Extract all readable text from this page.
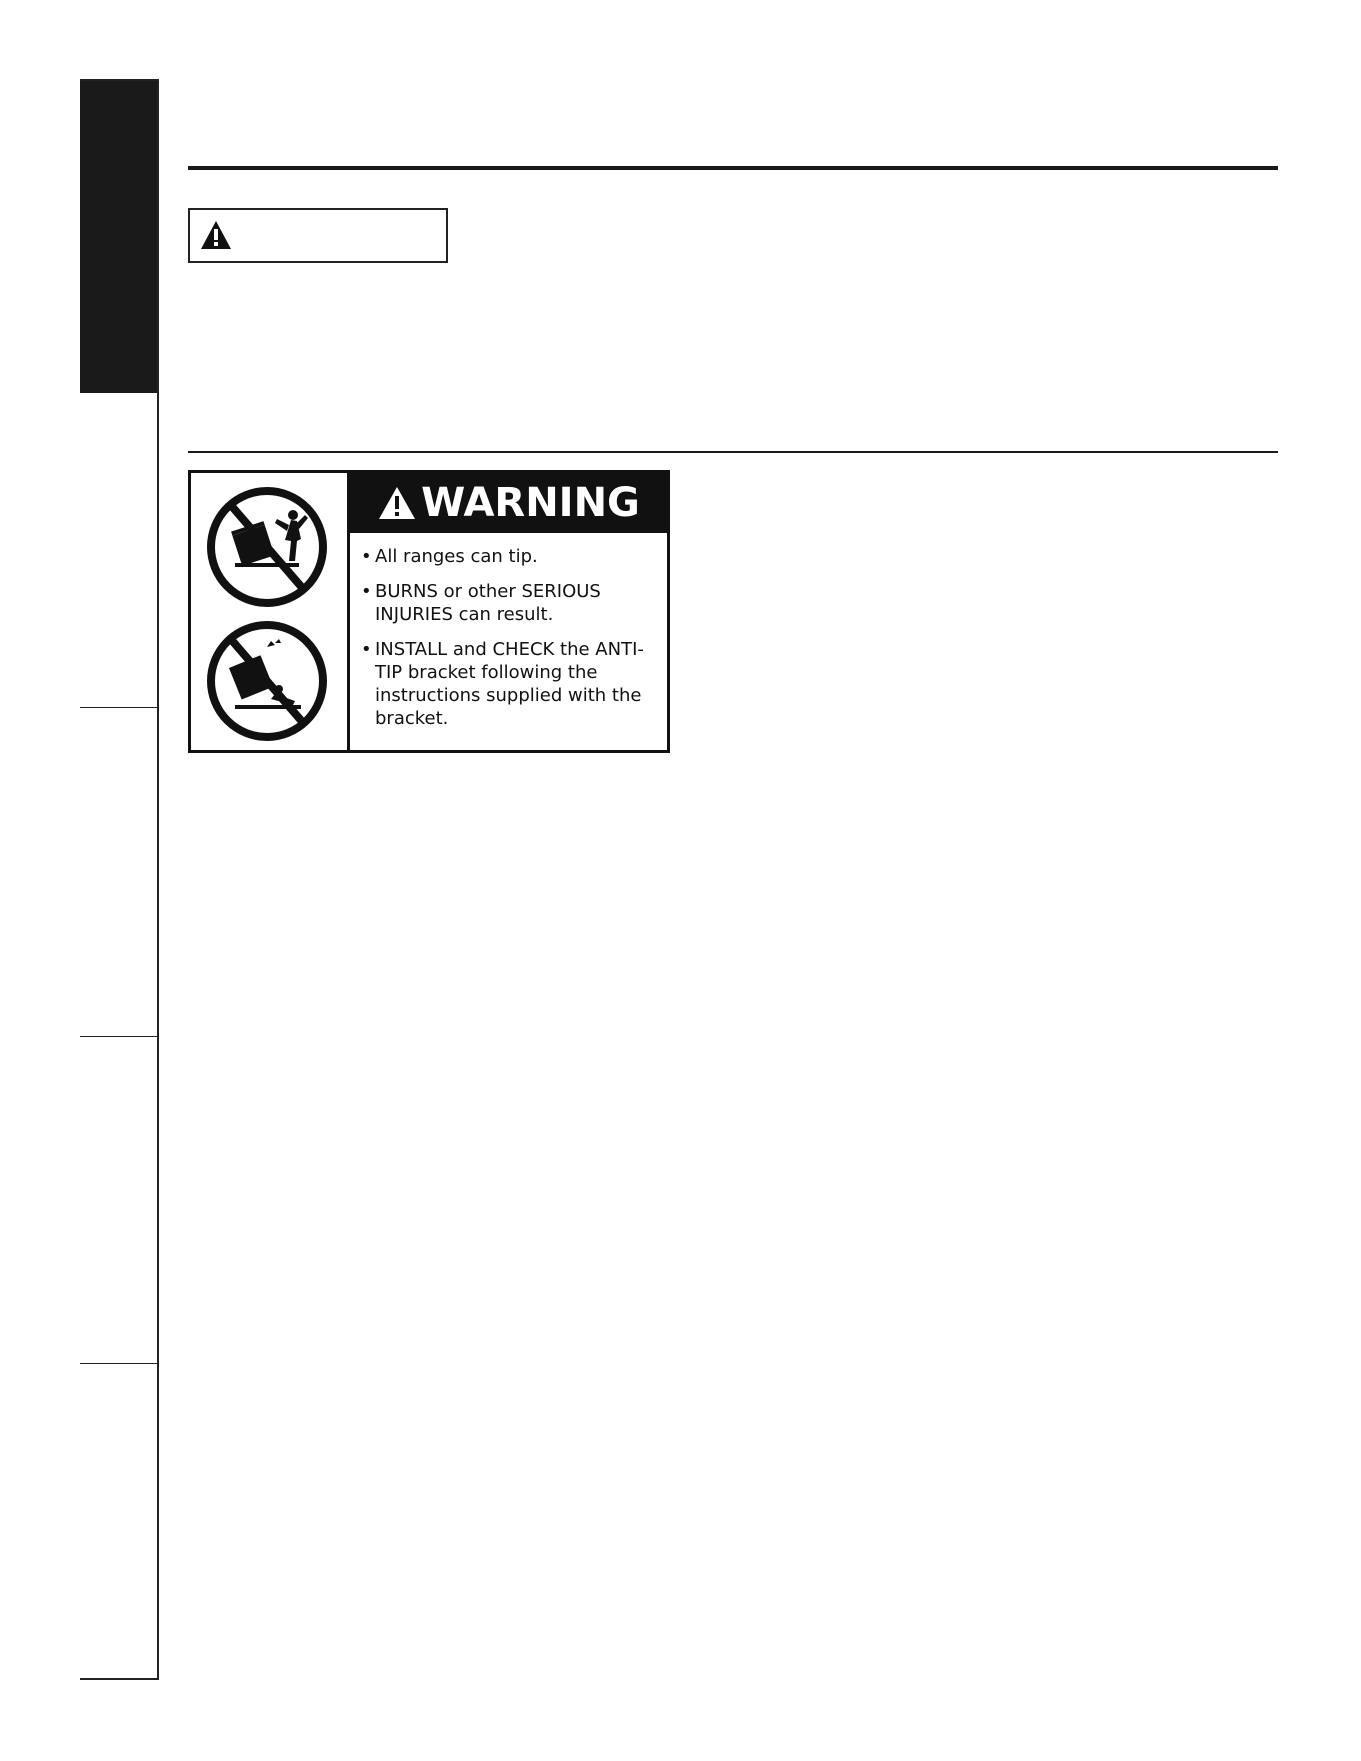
WARNING
• All ranges can tip.
• BURNS or other SERIOUS INJURIES can result.
• INSTALL and CHECK the ANTI-TIP bracket following the instructions supplied with the bracket.
